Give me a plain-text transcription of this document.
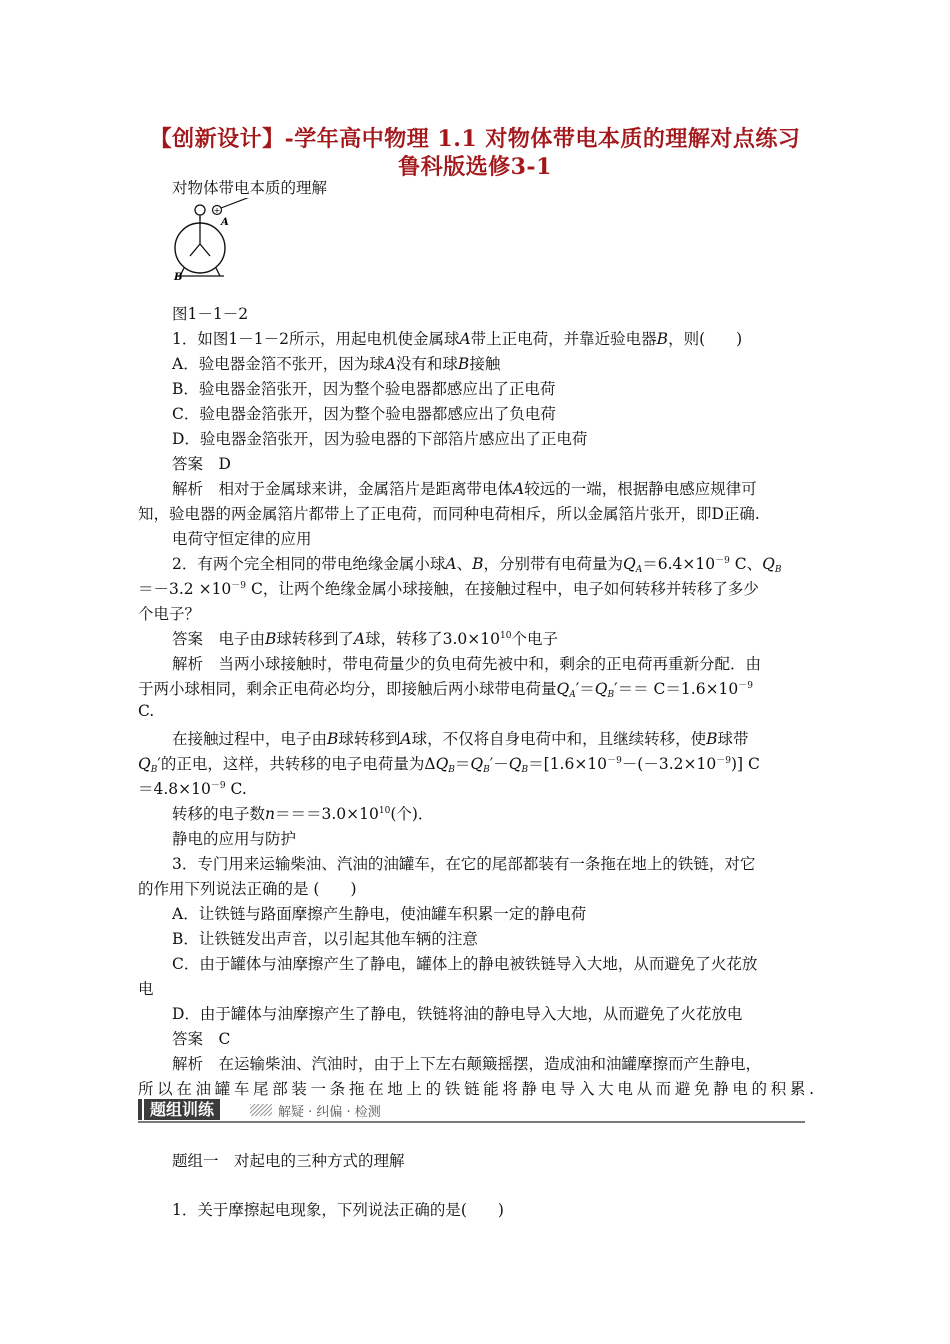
【创新设计】-学年高中物理 1.1 对物体带电本质的理解对点练习
鲁科版选修3-1
对物体带电本质的理解
+
A
B
图1－1－2
1．如图1－1－2所示，用起电机使金属球A带上正电荷，并靠近验电器B，则(　　)
A．验电器金箔不张开，因为球A没有和球B接触
B．验电器金箔张开，因为整个验电器都感应出了正电荷
C．验电器金箔张开，因为整个验电器都感应出了负电荷
D．验电器金箔张开，因为验电器的下部箔片感应出了正电荷
答案　D
解析　相对于金属球来讲，金属箔片是距离带电体A较远的一端，根据静电感应规律可
知，验电器的两金属箔片都带上了正电荷，而同种电荷相斥，所以金属箔片张开，即D正确.
电荷守恒定律的应用
2．有两个完全相同的带电绝缘金属小球A、B，分别带有电荷量为$Q_A=6.4\times 10^{-9}$ C、$Q_B$
$=-3.2 \times 10^{-9}$ C，让两个绝缘金属小球接触，在接触过程中，电子如何转移并转移了多少
个电子？
答案　电子由B球转移到了A球，转移了$3.0\times 10^{10}$个电子
解析　当两小球接触时，带电荷量少的负电荷先被中和，剩余的正电荷再重新分配．由
于两小球相同，剩余正电荷必均分，即接触后两小球带电荷量$Q_A'=Q_B'== C=1.6\times 10^{-9}$
C.
在接触过程中，电子由B球转移到A球，不仅将自身电荷中和，且继续转移，使B球带
$Q_B'$的正电，这样，共转移的电子电荷量为$\Delta Q_B=Q_B'-Q_B=[1.6\times 10^{-9}-(-3.2\times 10^{-9})]$ C
$=4.8\times 10^{-9}$ C.
转移的电子数$n===3.0\times 10^{10}$(个)．
静电的应用与防护
3．专门用来运输柴油、汽油的油罐车，在它的尾部都装有一条拖在地上的铁链，对它
的作用下列说法正确的是 (　　)
A．让铁链与路面摩擦产生静电，使油罐车积累一定的静电荷
B．让铁链发出声音，以引起其他车辆的注意
C．由于罐体与油摩擦产生了静电，罐体上的静电被铁链导入大地，从而避免了火花放
电
D．由于罐体与油摩擦产生了静电，铁链将油的静电导入大地，从而避免了火花放电
答案　C
解析　在运输柴油、汽油时，由于上下左右颠簸摇摆，造成油和油罐摩擦而产生静电，
所以在油罐车尾部装一条拖在地上的铁链能将静电导入大电从而避免静电的积累.
题组训练	解疑 · 纠偏 · 检测
题组一　对起电的三种方式的理解
1．关于摩擦起电现象，下列说法正确的是(　　)
